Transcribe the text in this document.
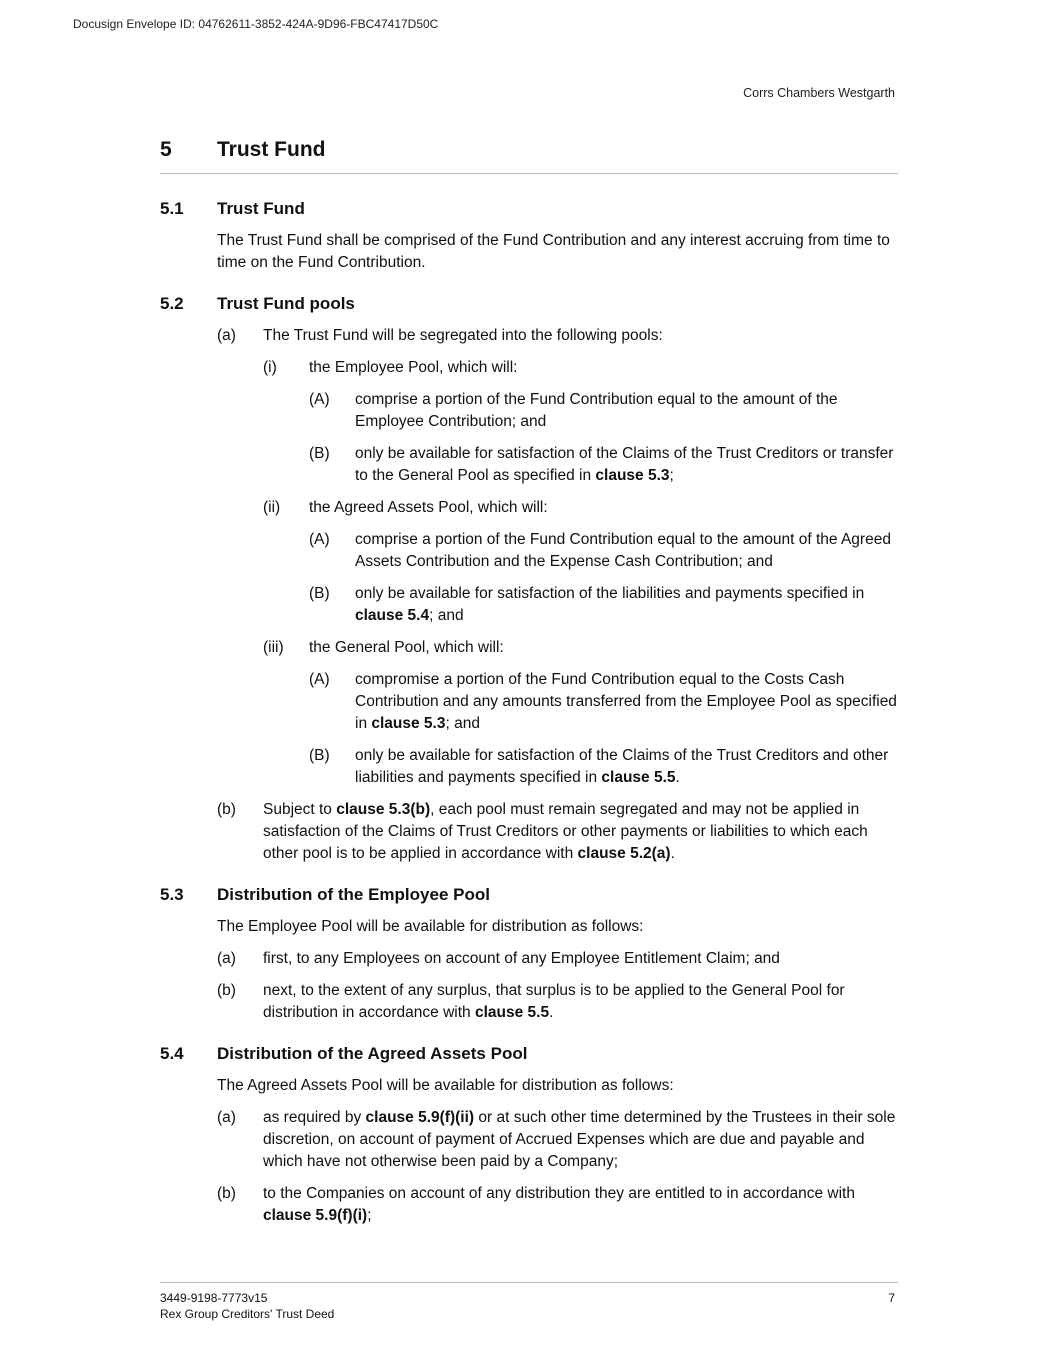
Docusign Envelope ID: 04762611-3852-424A-9D96-FBC47417D50C
Corrs Chambers Westgarth
5 Trust Fund
5.1 Trust Fund
The Trust Fund shall be comprised of the Fund Contribution and any interest accruing from time to time on the Fund Contribution.
5.2 Trust Fund pools
(a) The Trust Fund will be segregated into the following pools:
(i) the Employee Pool, which will:
(A) comprise a portion of the Fund Contribution equal to the amount of the Employee Contribution; and
(B) only be available for satisfaction of the Claims of the Trust Creditors or transfer to the General Pool as specified in clause 5.3;
(ii) the Agreed Assets Pool, which will:
(A) comprise a portion of the Fund Contribution equal to the amount of the Agreed Assets Contribution and the Expense Cash Contribution; and
(B) only be available for satisfaction of the liabilities and payments specified in clause 5.4; and
(iii) the General Pool, which will:
(A) compromise a portion of the Fund Contribution equal to the Costs Cash Contribution and any amounts transferred from the Employee Pool as specified in clause 5.3; and
(B) only be available for satisfaction of the Claims of the Trust Creditors and other liabilities and payments specified in clause 5.5.
(b) Subject to clause 5.3(b), each pool must remain segregated and may not be applied in satisfaction of the Claims of Trust Creditors or other payments or liabilities to which each other pool is to be applied in accordance with clause 5.2(a).
5.3 Distribution of the Employee Pool
The Employee Pool will be available for distribution as follows:
(a) first, to any Employees on account of any Employee Entitlement Claim; and
(b) next, to the extent of any surplus, that surplus is to be applied to the General Pool for distribution in accordance with clause 5.5.
5.4 Distribution of the Agreed Assets Pool
The Agreed Assets Pool will be available for distribution as follows:
(a) as required by clause 5.9(f)(ii) or at such other time determined by the Trustees in their sole discretion, on account of payment of Accrued Expenses which are due and payable and which have not otherwise been paid by a Company;
(b) to the Companies on account of any distribution they are entitled to in accordance with clause 5.9(f)(i);
3449-9198-7773v15
Rex Group Creditors' Trust Deed
7
